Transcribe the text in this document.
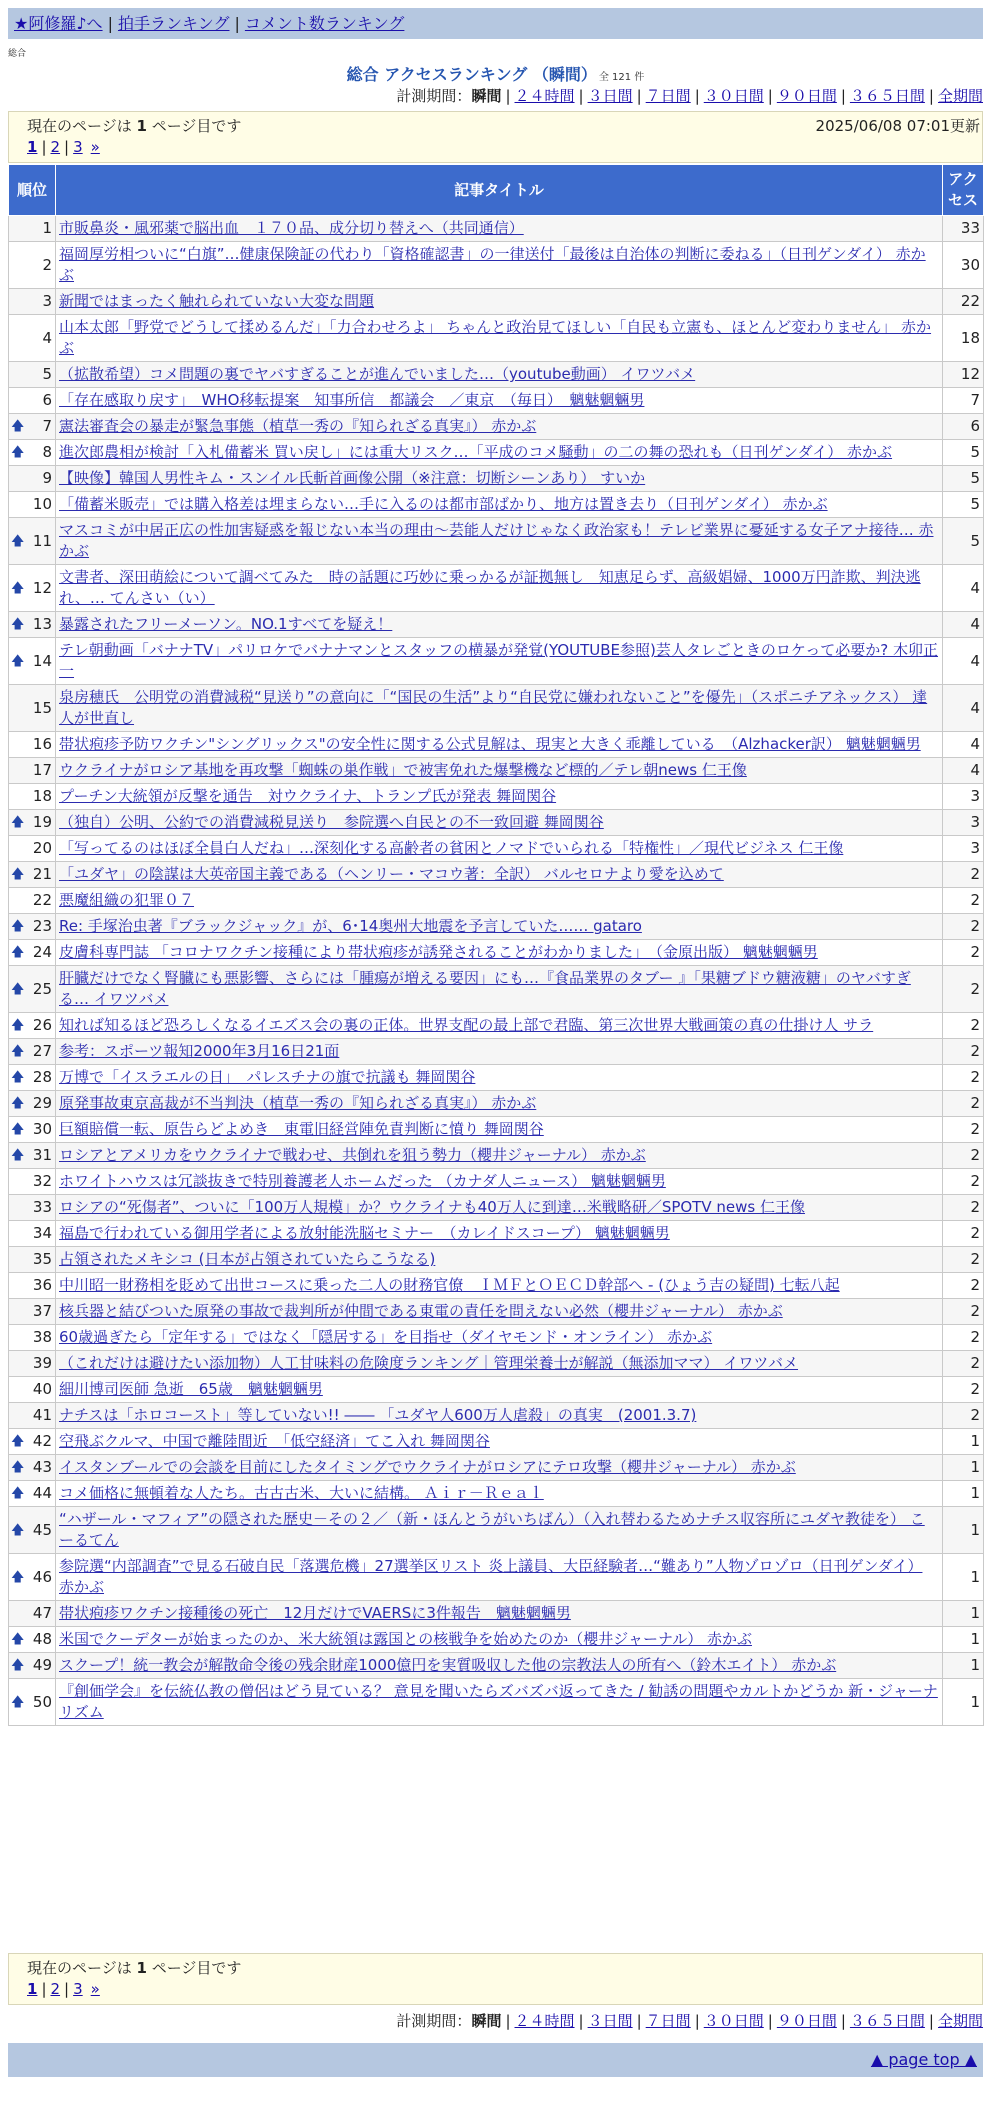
★阿修羅♪へ | 拍手ランキング | コメント数ランキング
総合
総合 アクセスランキング （瞬間） 全 121 件
計測期間：瞬間 | ２４時間 | ３日間 | ７日間 | ３０日間 | ９０日間 | ３６５日間 | 全期間
現在のページは 1 ページ目です	2025/06/08 07:01更新
1 | 2 | 3 »
順位	記事タイトル	アクセス
1	市販鼻炎・風邪薬で脳出血　１７０品、成分切り替えへ（共同通信）	33
2	福岡厚労相ついに“白旗”…健康保険証の代わり「資格確認書」の一律送付「最後は自治体の判断に委ねる」（日刊ゲンダイ） 赤かぶ	30
3	新聞ではまったく触れられていない大変な問題	22
4	山本太郎「野党でどうして揉めるんだ」「力合わせろよ」 ちゃんと政治見てほしい「自民も立憲も、ほとんど変わりません」 赤かぶ	18
5	（拡散希望）コメ問題の裏でヤバすぎることが進んでいました…（youtube動画） イワツバメ	12
6	「存在感取り戻す」　WHO移転提案　知事所信　都議会　／東京　（毎日）　魑魅魍魎男	7

🡅 7	憲法審査会の暴走が緊急事態（植草一秀の『知られざる真実』） 赤かぶ	6

🡅 8	進次郎農相が検討「入札備蓄米 買い戻し」には重大リスク…「平成のコメ騒動」の二の舞の恐れも（日刊ゲンダイ） 赤かぶ	5
9	【映像】韓国人男性キム・スンイル氏斬首画像公開（※注意：切断シーンあり） すいか	5
10	「備蓄米販売」では購入格差は埋まらない…手に入るのは都市部ばかり、地方は置き去り（日刊ゲンダイ） 赤かぶ	5

🡅 11	マスコミが中居正広の性加害疑惑を報じない本当の理由〜芸能人だけじゃなく政治家も！テレビ業界に憂延する女子アナ接待… 赤かぶ	5

🡅 12	文書者、深田萌絵について調べてみた　時の話題に巧妙に乗っかるが証拠無し　知恵足らず、高級娼婦、1000万円詐欺、判決逃れ、… てんさい（い）	4

🡅 13	暴露されたフリーメーソン。NO.1すべてを疑え！	4

🡅 14	テレ朝動画「バナナTV」パリロケでバナナマンとスタッフの横暴が発覚(YOUTUBE参照)芸人タレごときのロケって必要か? 木卯正一	4
15	泉房穂氏　公明党の消費減税“見送り”の意向に「“国民の生活”より“自民党に嫌われないこと”を優先」（スポニチアネックス） 達人が世直し	4
16	帯状疱疹予防ワクチン"シングリックス"の安全性に関する公式見解は、現実と大きく乖離している　（Alzhacker訳） 魑魅魍魎男	4
17	ウクライナがロシア基地を再攻撃「蜘蛛の巣作戦」で被害免れた爆撃機など標的／テレ朝news 仁王像	4
18	プーチン大統領が反撃を通告　対ウクライナ、トランプ氏が発表 舞岡関谷	3

🡅 19	（独自）公明、公約での消費減税見送り　参院選へ自民との不一致回避 舞岡関谷	3
20	「写ってるのはほぼ全員白人だね」…深刻化する高齢者の貧困とノマドでいられる「特権性」／現代ビジネス 仁王像	3

🡅 21	「ユダヤ」の陰謀は大英帝国主義である（ヘンリー・マコウ著：全訳） バルセロナより愛を込めて	2
22	悪魔組織の犯罪０７	2

🡅 23	Re: 手塚治虫著『ブラックジャック』が、6･14奥州大地震を予言していた…… gataro	2

🡅 24	皮膚科専門誌 「コロナワクチン接種により帯状疱疹が誘発されることがわかりました」　（金原出版） 魑魅魍魎男	2

🡅 25	肝臓だけでなく腎臓にも悪影響、さらには「腫瘍が増える要因」にも…『食品業界のタブー 』「果糖ブドウ糖液糖」のヤバすぎる… イワツバメ	2

🡅 26	知れば知るほど恐ろしくなるイエズス会の裏の正体。世界支配の最上部で君臨、第三次世界大戦画策の真の仕掛け人 サラ	2

🡅 27	参考：スポーツ報知2000年3月16日21面	2

🡅 28	万博で「イスラエルの日」　パレスチナの旗で抗議も 舞岡関谷	2

🡅 29	原発事故東京高裁が不当判決（植草一秀の『知られざる真実』） 赤かぶ	2

🡅 30	巨額賠償一転、原告らどよめき　東電旧経営陣免責判断に憤り 舞岡関谷	2

🡅 31	ロシアとアメリカをウクライナで戦わせ、共倒れを狙う勢力（櫻井ジャーナル） 赤かぶ	2
32	ホワイトハウスは冗談抜きで特別養護老人ホームだった （カナダ人ニュース） 魑魅魍魎男	2
33	ロシアの“死傷者”、ついに「100万人規模」か？ウクライナも40万人に到達…米戦略研／SPOTV news 仁王像	2
34	福島で行われている御用学者による放射能洗脳セミナー　（カレイドスコープ） 魑魅魍魎男	2
35	占領されたメキシコ (日本が占領されていたらこうなる)	2
36	中川昭一財務相を貶めて出世コースに乗った二人の財務官僚　ＩＭＦとＯＥＣＤ幹部へ - (ひょう吉の疑問) 七転八起	2
37	核兵器と結びついた原発の事故で裁判所が仲間である東電の責任を問えない必然（櫻井ジャーナル） 赤かぶ	2
38	60歳過ぎたら「定年する」ではなく「隠居する」を目指せ（ダイヤモンド・オンライン） 赤かぶ	2
39	（これだけは避けたい添加物）人工甘味料の危険度ランキング｜管理栄養士が解説（無添加ママ） イワツバメ	2
40	細川博司医師 急逝　65歳　魑魅魍魎男	2
41	ナチスは「ホロコースト」等していない!! ―― 「ユダヤ人600万人虐殺」の真実　(2001.3.7)	2

🡅 42	空飛ぶクルマ、中国で離陸間近　「低空経済」てこ入れ 舞岡関谷	1

🡅 43	イスタンブールでの会談を目前にしたタイミングでウクライナがロシアにテロ攻撃（櫻井ジャーナル） 赤かぶ	1

🡅 44	コメ価格に無頓着な人たち。古古古米、大いに結構。 Ａｉｒ－Ｒｅａｌ	1

🡅 45	“ハザール・マフィア”の隠された歴史－その２／（新・ほんとうがいちばん）（入れ替わるためナチス収容所にユダヤ教徒を） こーるてん	1

🡅 46	参院選“内部調査”で見る石破自民「落選危機」27選挙区リスト 炎上議員、大臣経験者…“難あり”人物ゾロゾロ（日刊ゲンダイ） 赤かぶ	1
47	帯状疱疹ワクチン接種後の死亡　12月だけでVAERSに3件報告　魑魅魍魎男	1

🡅 48	米国でクーデターが始まったのか、米大統領は露国との核戦争を始めたのか（櫻井ジャーナル） 赤かぶ	1

🡅 49	スクープ！統一教会が解散命令後の残余財産1000億円を実質吸収した他の宗教法人の所有へ（鈴木エイト） 赤かぶ	1

🡅 50	『創価学会』を伝統仏教の僧侶はどう見ている？ 意見を聞いたらズバズバ返ってきた / 勧誘の問題やカルトかどうか 新・ジャーナリズム	1
現在のページは 1 ページ目です
1 | 2 | 3 »
計測期間：瞬間 | ２４時間 | ３日間 | ７日間 | ３０日間 | ９０日間 | ３６５日間 | 全期間
▲ page top ▲
